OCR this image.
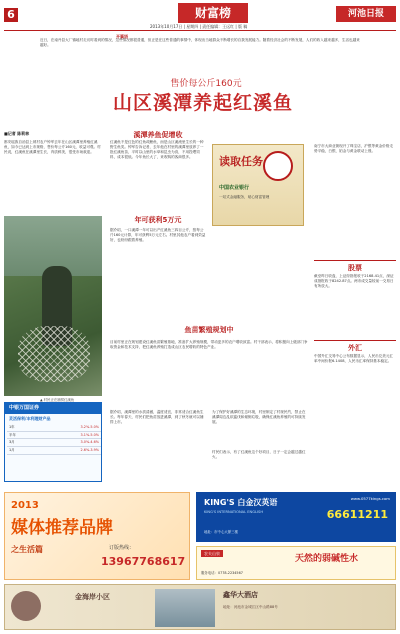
6	财富榜
2013年10月17日 | 星期四 | 责任编辑：王远红 | 版 稿
河池日报
开篇语
近日，在南丹县大厂镇地村走访时看到的情况，这些情况都很普通，但正是在这些普通的事情中，体现出当地群众不断增长的自我发展能力。随着经济社会的不断发展，人们的收入越来越多，生活也越来越好。
售价每公斤160元
山区溪潭养起红溪鱼
■记者 陈莉林
都安瑶族自治县上坡村农户钟军去年在山区溪潭里养殖红溪鱼，如今已达到上市规格，售价每公斤160元，收益可观。村民说，红溪鱼在溪潭里生长，肉质鲜美，很受市场欢迎。
▲ 村民正在捕捞红溪鱼
溪潭养鱼促增收
红溪鱼不是红色的红鱼或鲤鱼，而是山区溪流里生长的一种野生鱼类。钟军告诉记者，去年他在村里的溪潭里放养了一批红溪鱼苗，平时以山里的水草和昆虫为食，不用投喂饲料，成本很低。今年鱼长大了，来收购的客商很多。
年可获利5万元
据介绍，一口溪潭一年可以出产红溪鱼三四百公斤，按每公斤160元计算，年可获利5万元左右。村里其他农户看到效益好，也纷纷跟着养殖。
鱼苗繁殖规划中
目前村里正在规划建设红溪鱼苗繁殖基地，准备扩大养殖规模，带动更多的农户增收致富。村干部表示，将积极向上级部门争取资金和技术支持，把红溪鱼养殖打造成山区农民增收的特色产业。
中银万国证券
灵活保利/丰利理财产品
1年	3.2%-5.0%
半年	3.1%-5.0%
3月	3.0%-4.6%
1月	2.6%-3.9%
据介绍，溪潭里的水质清澈，温度适宜，非常适合红溪鱼生长。每年春天，村民们把鱼苗放进溪潭，到了秋冬就可以捕捞上市。
为了保护好溪潭的生态环境，村里制定了村规民约，禁止在溪潭周边乱砍滥伐和倾倒垃圾，确保红溪鱼养殖的可持续发展。
村民们表示，有了红溪鱼这个好项目，日子一定会越过越红火。
读取任务
中国农业银行
一站式金融服务，贴心财富管理
南宁市大商业街现开了珠宝店，沪银等黄金价格走势平稳，白银、铂金与黄金联动上涨。
股票
截至昨日收盘，上证综指报收于2168.41点，深证成指报收于8242.87点。两市成交量较前一交易日有所放大。
外汇
中国外汇交易中心公布数据显示，人民币兑美元汇率中间价报6.1408，人民币汇率保持基本稳定。
2013
媒体推荐品牌
之生活篇	订版热线：
13967768617
KING'S 白金汉英语
KING'S INTERNATIONAL ENGLISH
www.0577kings.com
66611211
地址：市中心大厦三楼
农夫山泉
天然的弱碱性水
服务电话：0778-2234567
金海岸小区	鑫华大酒店
地址：河池市金城江区中山路88号
